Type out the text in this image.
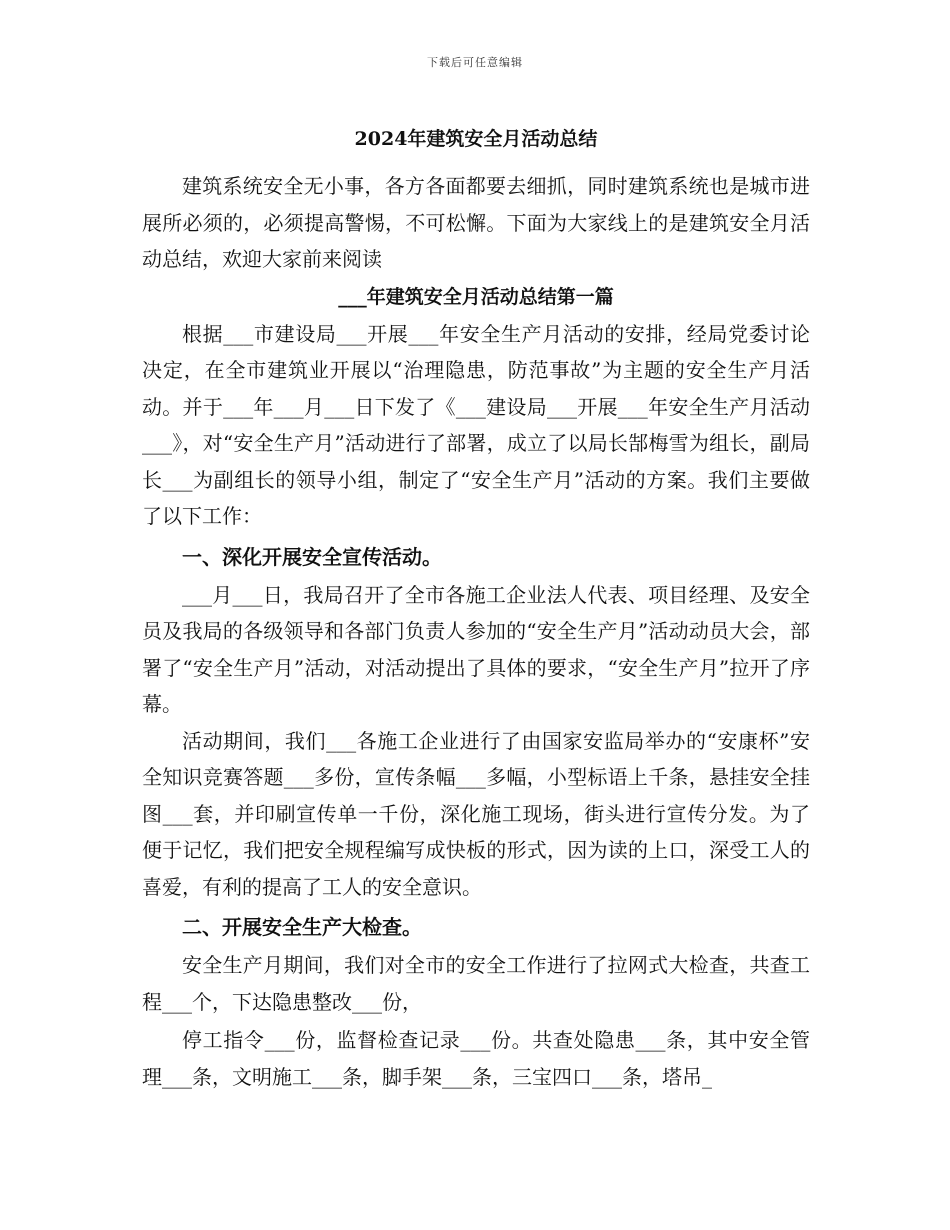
下载后可任意编辑
2024年建筑安全月活动总结

建筑系统安全无小事，各方各面都要去细抓，同时建筑系统也是城市进展所必须的，必须提高警惕，不可松懈。下面为大家线上的是建筑安全月活动总结，欢迎大家前来阅读

___年建筑安全月活动总结第一篇

根据___市建设局___开展___年安全生产月活动的安排，经局党委讨论决定，在全市建筑业开展以“治理隐患，防范事故”为主题的安全生产月活动。并于___年___月___日下发了《___建设局___开展___年安全生产月活动___》，对“安全生产月”活动进行了部署，成立了以局长郜梅雪为组长，副局长___为副组长的领导小组，制定了“安全生产月”活动的方案。我们主要做了以下工作：

一、深化开展安全宣传活动。

___月___日，我局召开了全市各施工企业法人代表、项目经理、及安全员及我局的各级领导和各部门负责人参加的“安全生产月”活动动员大会，部署了“安全生产月”活动，对活动提出了具体的要求，“安全生产月”拉开了序幕。

活动期间，我们___各施工企业进行了由国家安监局举办的“安康杯”安全知识竞赛答题___多份，宣传条幅___多幅，小型标语上千条，悬挂安全挂图___套，并印刷宣传单一千份，深化施工现场，街头进行宣传分发。为了便于记忆，我们把安全规程编写成快板的形式，因为读的上口，深受工人的喜爱，有利的提高了工人的安全意识。

二、开展安全生产大检查。

安全生产月期间，我们对全市的安全工作进行了拉网式大检查，共查工程___个，下达隐患整改___份，

停工指令___份，监督检查记录___份。共查处隐患___条，其中安全管理___条，文明施工___条，脚手架___条，三宝四口___条，塔吊_
